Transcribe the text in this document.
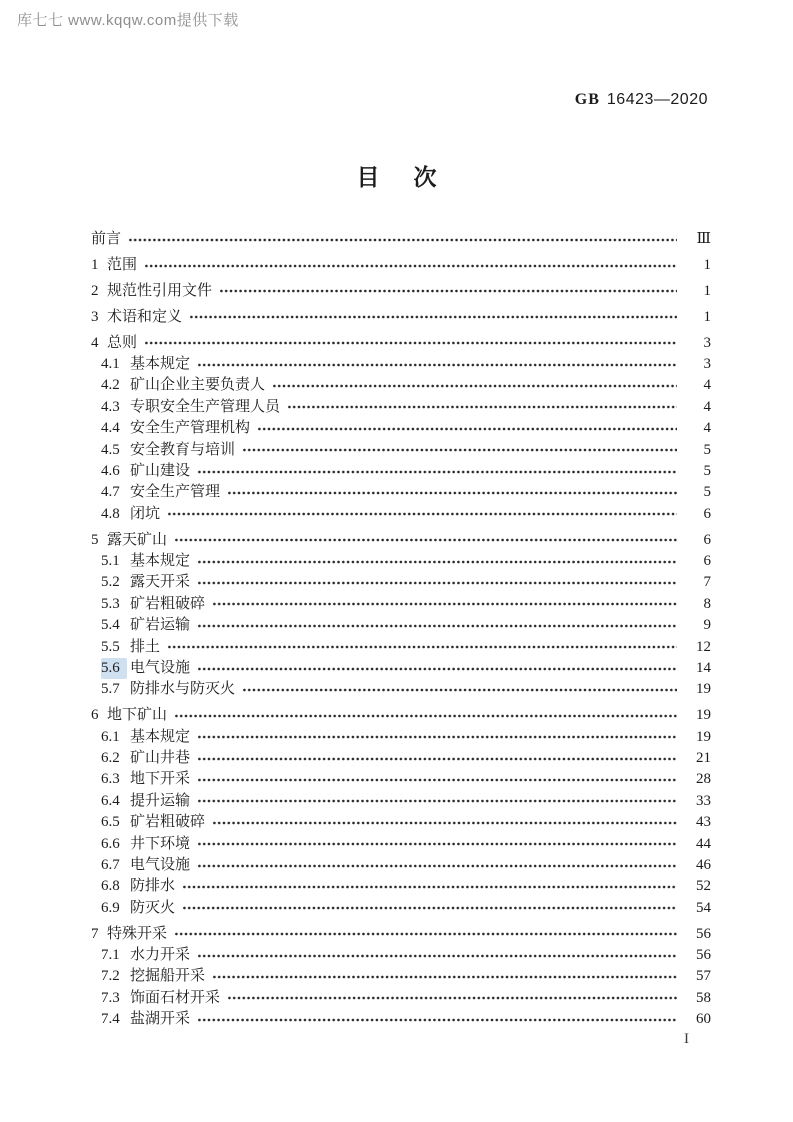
库七七 www.kqqw.com提供下载
GB 16423—2020
目次
前言	Ⅲ
1 范围	1
2 规范性引用文件	1
3 术语和定义	1
4 总则	3
4.1 基本规定	3
4.2 矿山企业主要负责人	4
4.3 专职安全生产管理人员	4
4.4 安全生产管理机构	4
4.5 安全教育与培训	5
4.6 矿山建设	5
4.7 安全生产管理	5
4.8 闭坑	6
5 露天矿山	6
5.1 基本规定	6
5.2 露天开采	7
5.3 矿岩粗破碎	8
5.4 矿岩运输	9
5.5 排土	12
5.6 电气设施	14
5.7 防排水与防灭火	19
6 地下矿山	19
6.1 基本规定	19
6.2 矿山井巷	21
6.3 地下开采	28
6.4 提升运输	33
6.5 矿岩粗破碎	43
6.6 井下环境	44
6.7 电气设施	46
6.8 防排水	52
6.9 防灭火	54
7 特殊开采	56
7.1 水力开采	56
7.2 挖掘船开采	57
7.3 饰面石材开采	58
7.4 盐湖开采	60
I
